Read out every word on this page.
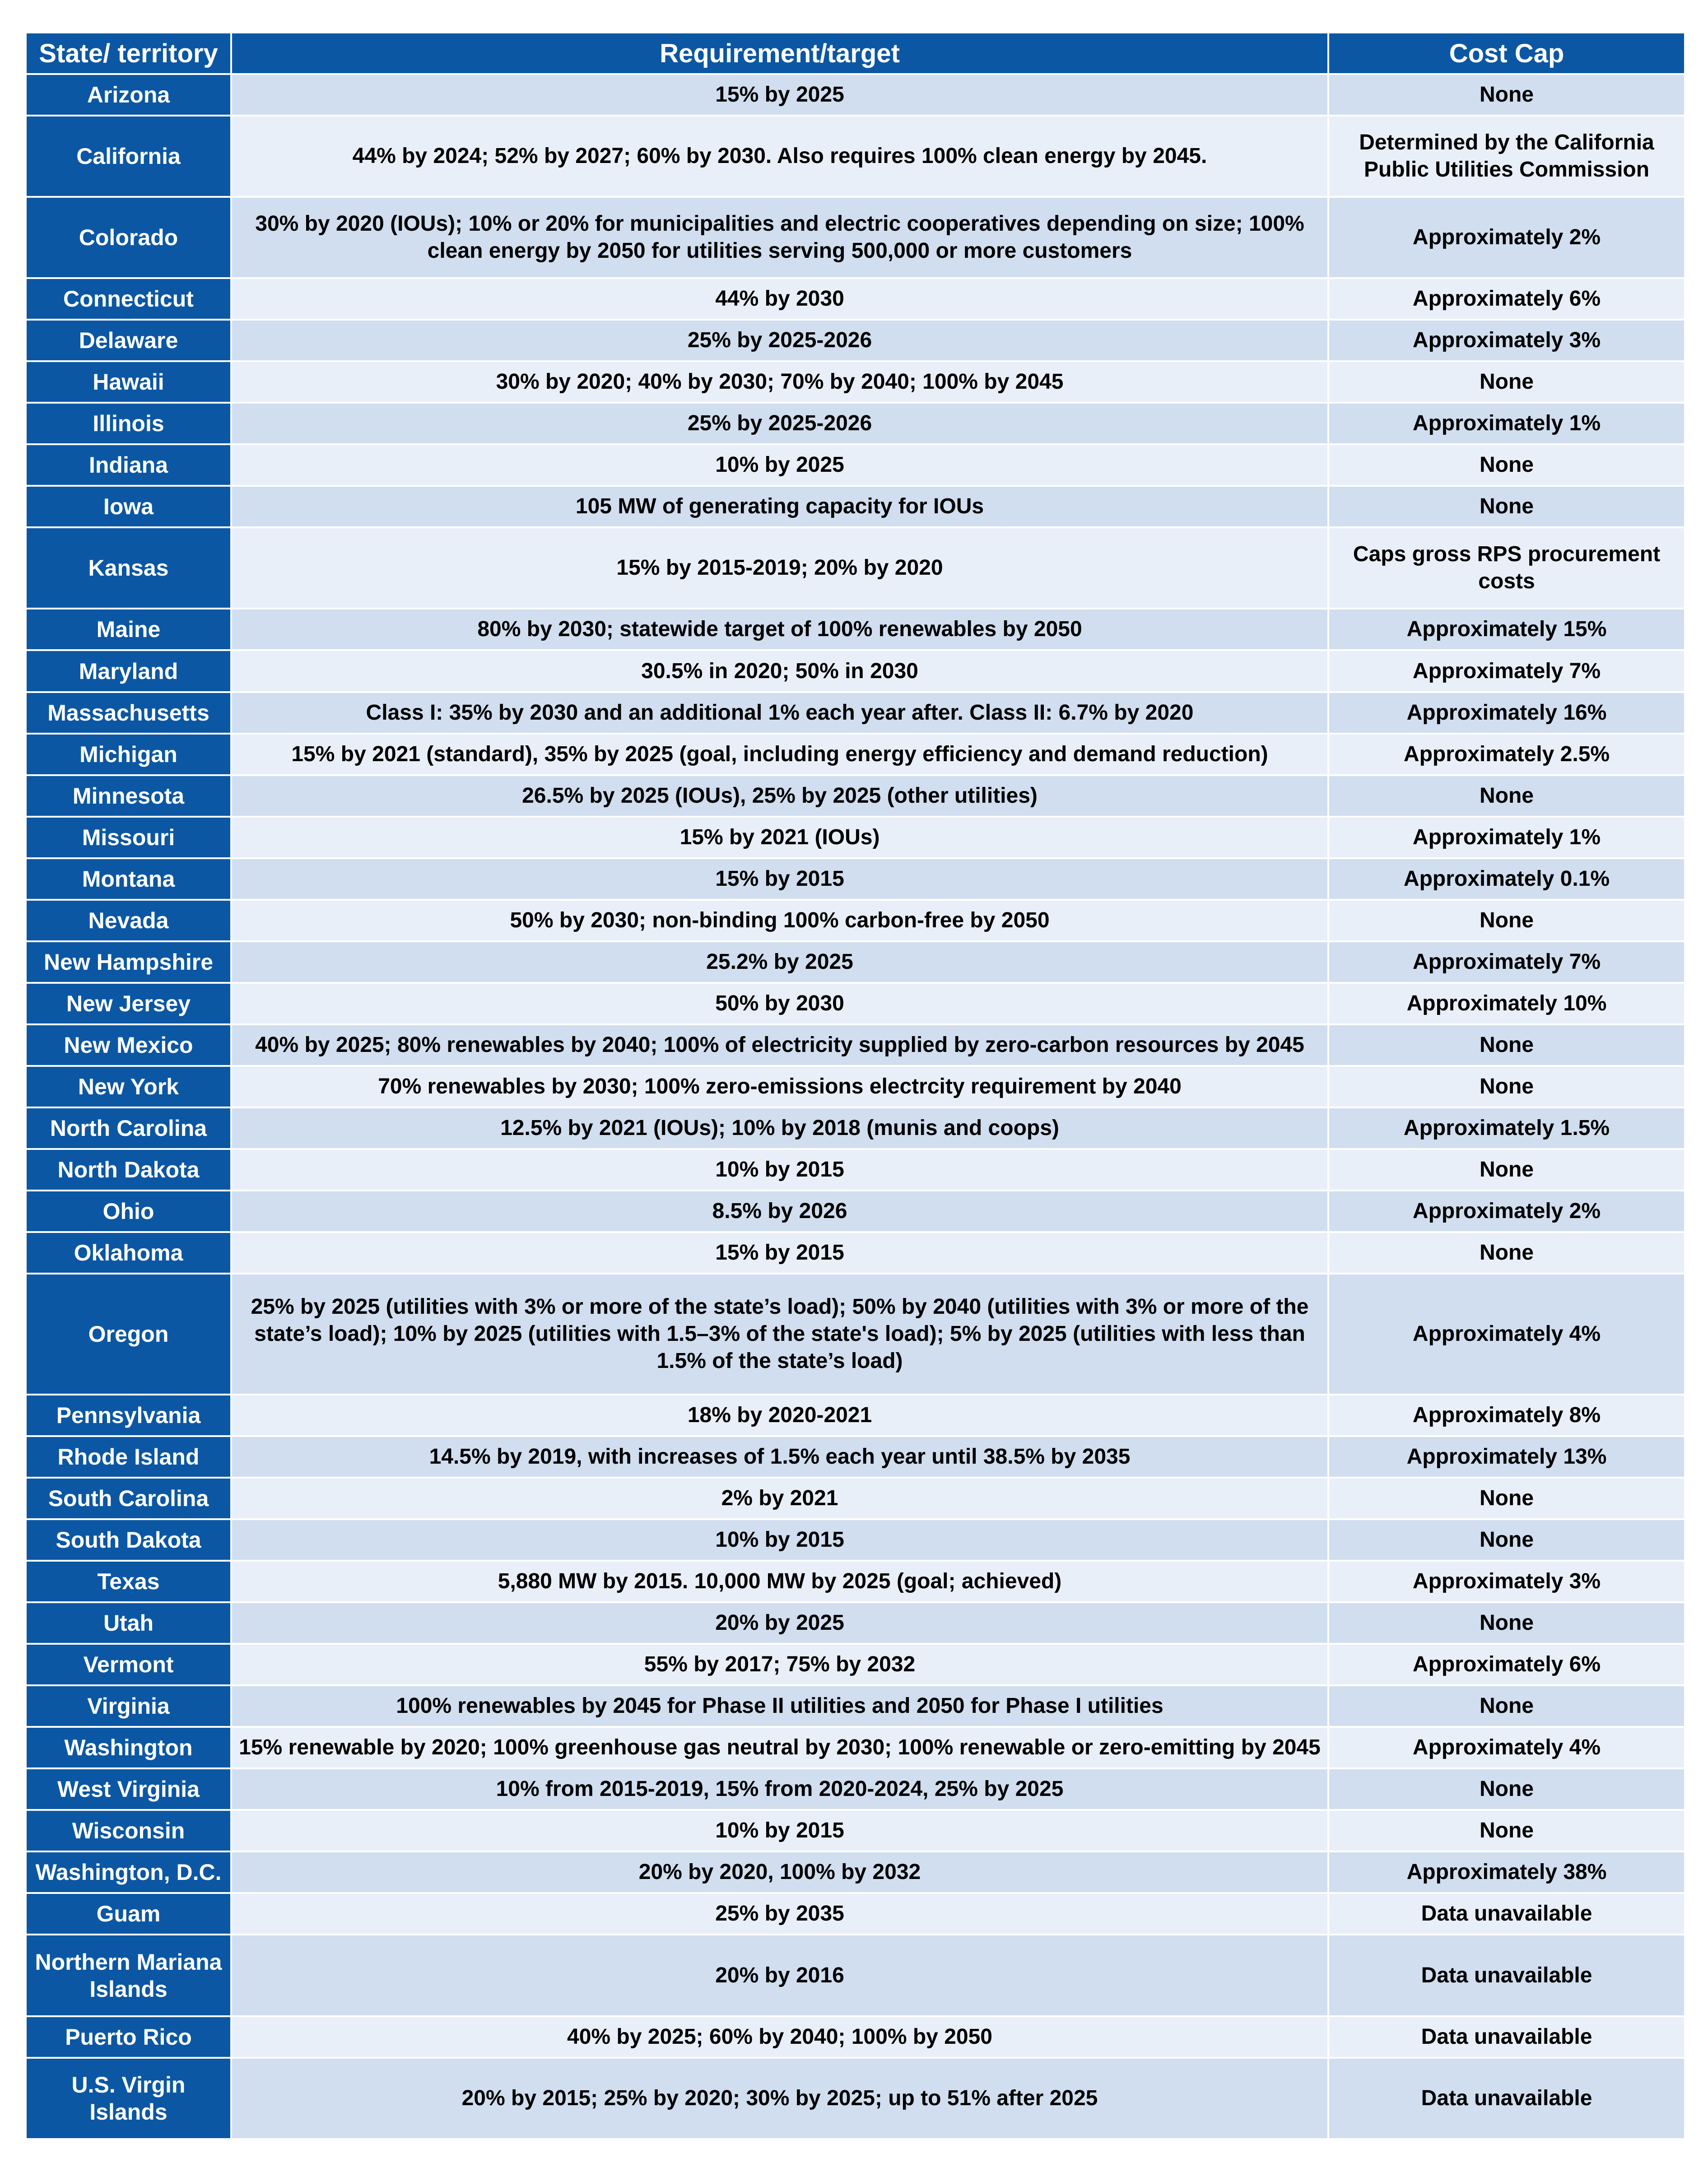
State/ territory	Requirement/target	Cost Cap
Arizona	15% by 2025	None
California	44% by 2024; 52% by 2027; 60% by 2030. Also requires 100% clean energy by 2045.	Determined by the California Public Utilities Commission
Colorado	30% by 2020 (IOUs); 10% or 20% for municipalities and electric cooperatives depending on size; 100% clean energy by 2050 for utilities serving 500,000 or more customers	Approximately 2%
Connecticut	44% by 2030	Approximately 6%
Delaware	25% by 2025-2026	Approximately 3%
Hawaii	30% by 2020; 40% by 2030; 70% by 2040; 100% by 2045	None
Illinois	25% by 2025-2026	Approximately 1%
Indiana	10% by 2025	None
Iowa	105 MW of generating capacity for IOUs	None
Kansas	15% by 2015-2019; 20% by 2020	Caps gross RPS procurement costs
Maine	80% by 2030; statewide target of 100% renewables by 2050	Approximately 15%
Maryland	30.5% in 2020; 50% in 2030	Approximately 7%
Massachusetts	Class I: 35% by 2030 and an additional 1% each year after. Class II: 6.7% by 2020	Approximately 16%
Michigan	15% by 2021 (standard), 35% by 2025 (goal, including energy efficiency and demand reduction)	Approximately 2.5%
Minnesota	26.5% by 2025 (IOUs), 25% by 2025 (other utilities)	None
Missouri	15% by 2021 (IOUs)	Approximately 1%
Montana	15% by 2015	Approximately 0.1%
Nevada	50% by 2030; non-binding 100% carbon-free by 2050	None
New Hampshire	25.2% by 2025	Approximately 7%
New Jersey	50% by 2030	Approximately 10%
New Mexico	40% by 2025; 80% renewables by 2040; 100% of electricity supplied by zero-carbon resources by 2045	None
New York	70% renewables by 2030; 100% zero-emissions electrcity requirement by 2040	None
North Carolina	12.5% by 2021 (IOUs); 10% by 2018 (munis and coops)	Approximately 1.5%
North Dakota	10% by 2015	None
Ohio	8.5% by 2026	Approximately 2%
Oklahoma	15% by 2015	None
Oregon	25% by 2025 (utilities with 3% or more of the state’s load); 50% by 2040 (utilities with 3% or more of the state’s load); 10% by 2025 (utilities with 1.5–3% of the state's load); 5% by 2025 (utilities with less than 1.5% of the state’s load)	Approximately 4%
Pennsylvania	18% by 2020-2021	Approximately 8%
Rhode Island	14.5% by 2019, with increases of 1.5% each year until 38.5% by 2035	Approximately 13%
South Carolina	2% by 2021	None
South Dakota	10% by 2015	None
Texas	5,880 MW by 2015. 10,000 MW by 2025 (goal; achieved)	Approximately 3%
Utah	20% by 2025	None
Vermont	55% by 2017; 75% by 2032	Approximately 6%
Virginia	100% renewables by 2045 for Phase II utilities and 2050 for Phase I utilities	None
Washington	15% renewable by 2020; 100% greenhouse gas neutral by 2030; 100% renewable or zero-emitting by 2045	Approximately 4%
West Virginia	10% from 2015-2019, 15% from 2020-2024, 25% by 2025	None
Wisconsin	10% by 2015	None
Washington, D.C.	20% by 2020, 100% by 2032	Approximately 38%
Guam	25% by 2035	Data unavailable
Northern Mariana Islands	20% by 2016	Data unavailable
Puerto Rico	40% by 2025; 60% by 2040; 100% by 2050	Data unavailable
U.S. Virgin Islands	20% by 2015; 25% by 2020; 30% by 2025; up to 51% after 2025	Data unavailable
